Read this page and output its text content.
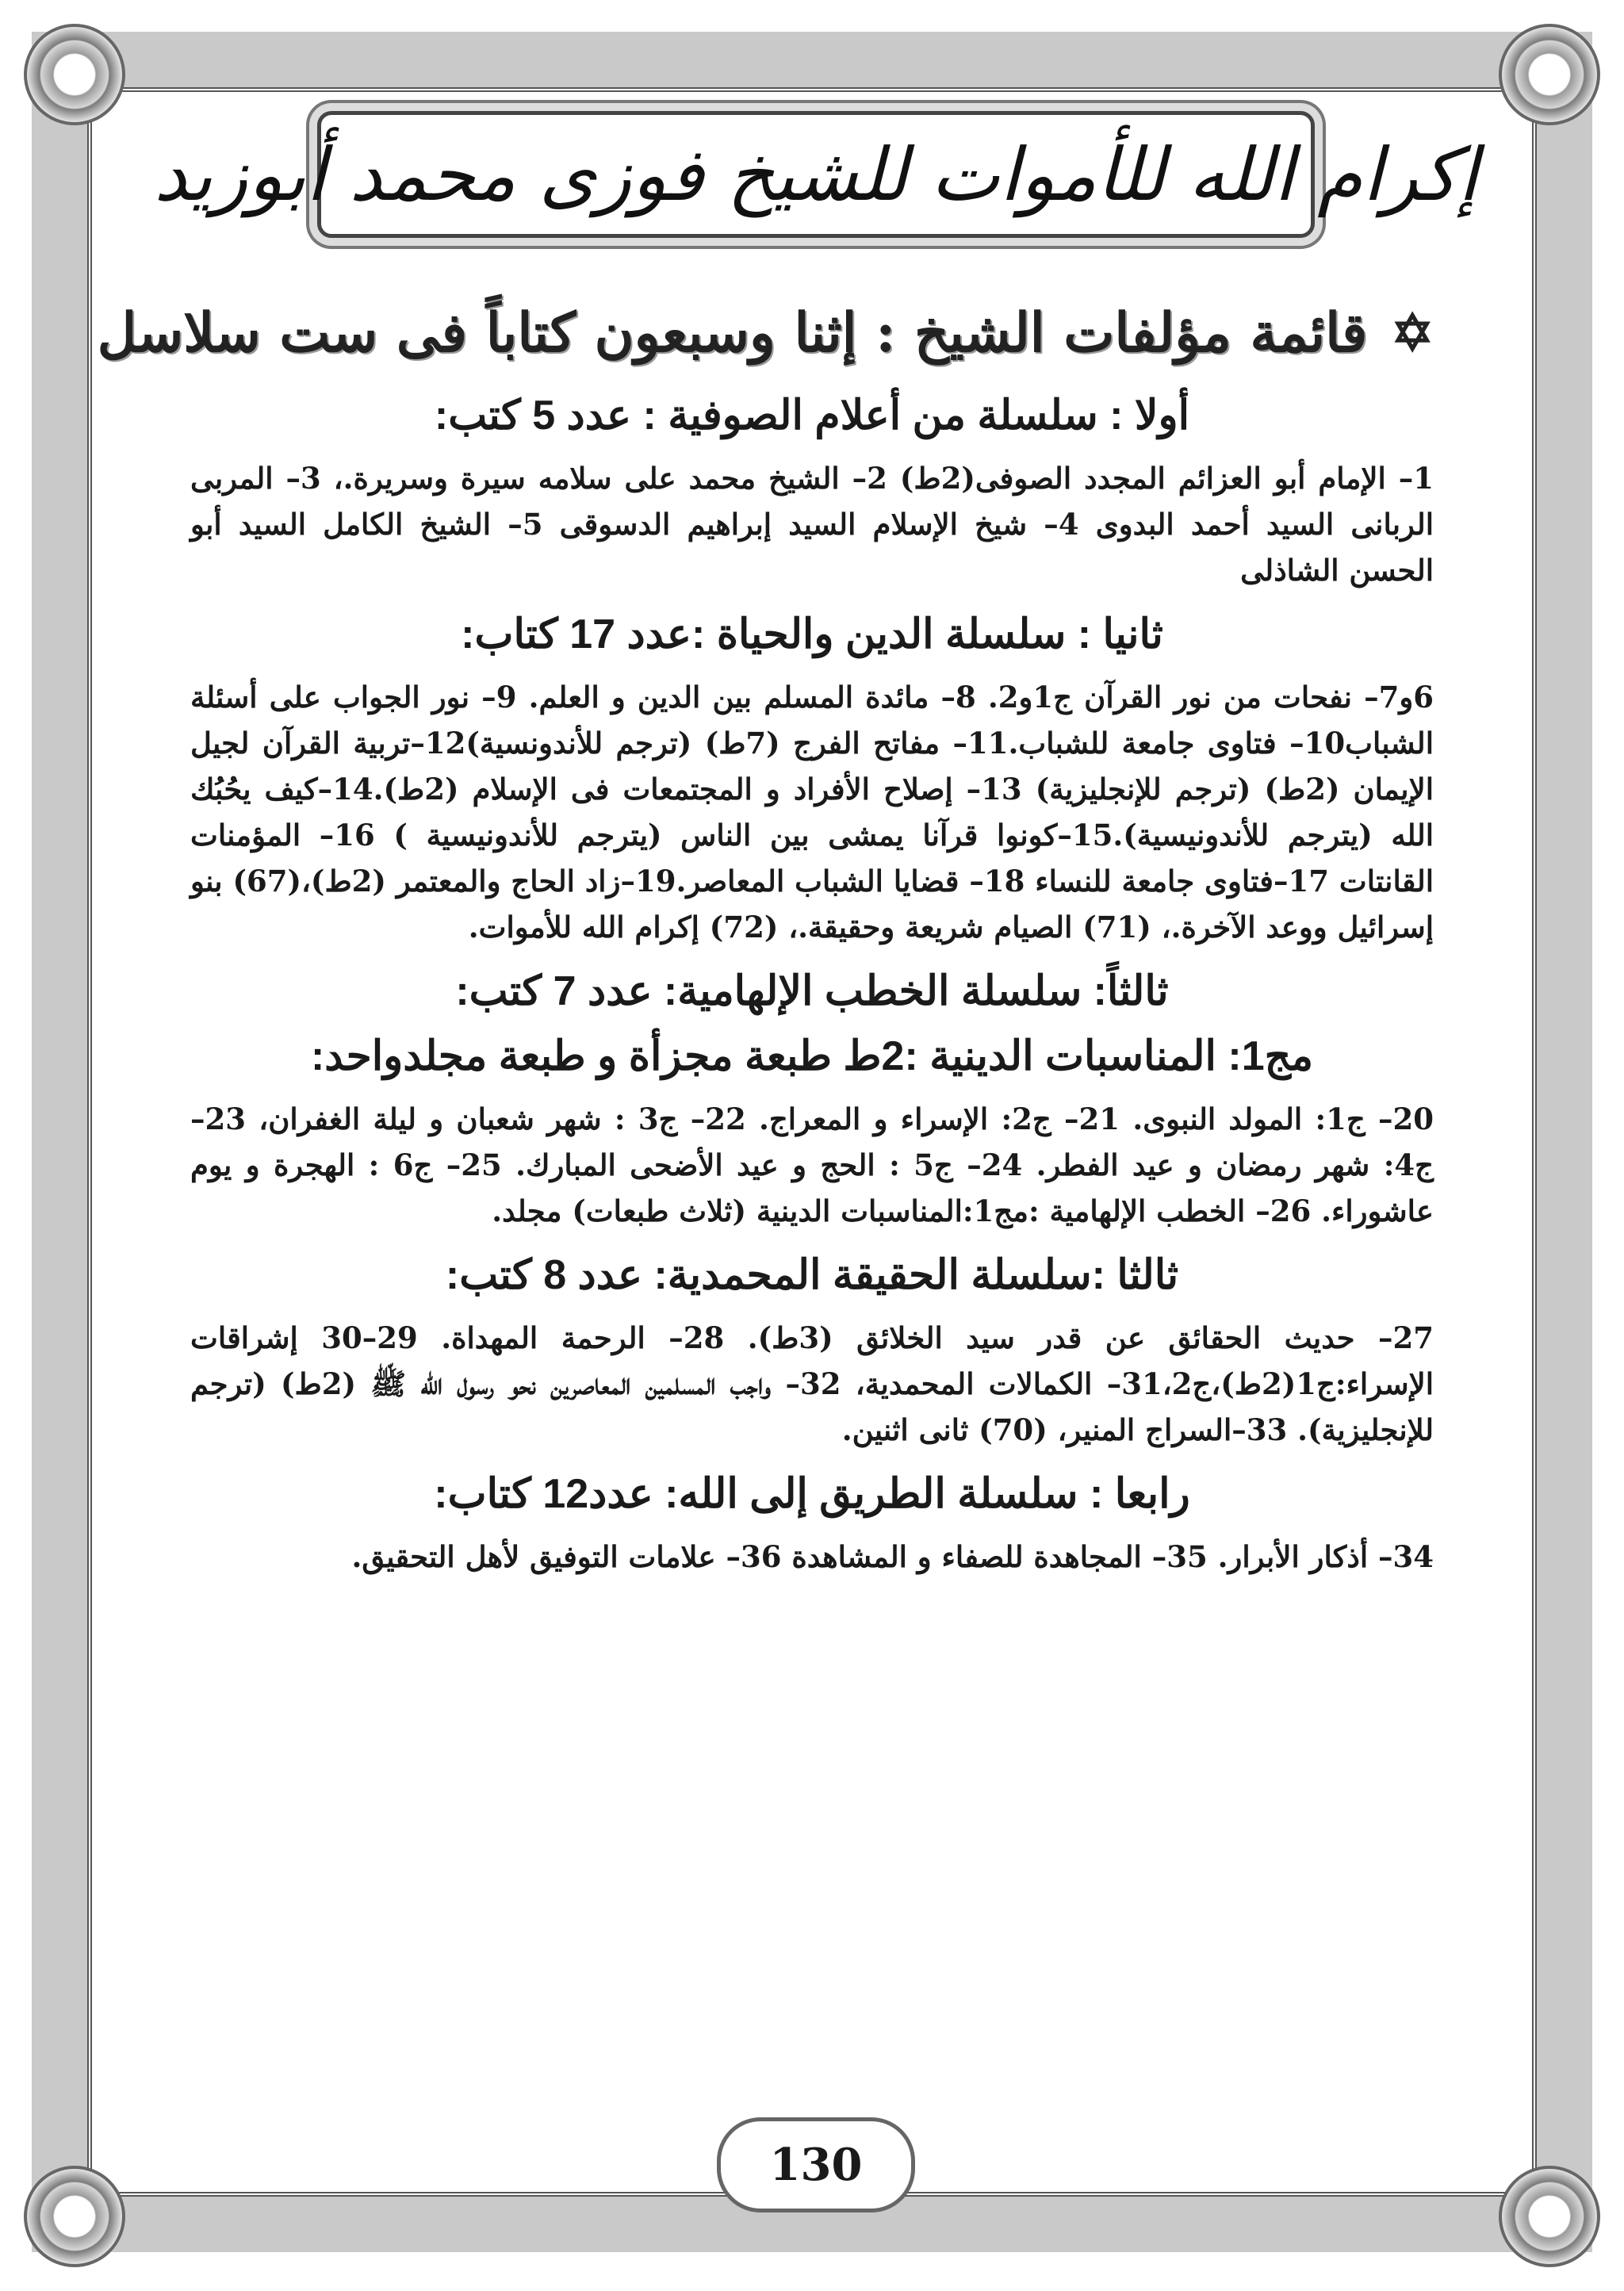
إكرام الله للأموات للشيخ فوزى محمد أبوزيد
✡
قائمة مؤلفات الشيخ : إثنا وسبعون كتاباً فى ست سلاسل
أولا : سلسلة من أعلام الصوفية : عدد 5 كتب:

1– الإمام أبو العزائم المجدد الصوفى(2ط) 2– الشيخ محمد على سلامه سيرة وسريرة.، 3– المربى الربانى السيد أحمد البدوى 4– شيخ الإسلام السيد إبراهيم الدسوقى 5– الشيخ الكامل السيد أبو الحسن الشاذلى

ثانيا : سلسلة الدين والحياة :عدد 17 كتاب:

6و7– نفحات من نور القرآن ج1و2. 8– مائدة المسلم بين الدين و العلم. 9– نور الجواب على أسئلة الشباب10– فتاوى جامعة للشباب.11– مفاتح الفرج (7ط) (ترجم للأندونسية)12–تربية القرآن لجيل الإيمان (2ط) (ترجم للإنجليزية) 13– إصلاح الأفراد و المجتمعات فى الإسلام (2ط).14–كيف يحُبُك الله (يترجم للأندونيسية).15–كونوا قرآنا يمشى بين الناس (يترجم للأندونيسية ) 16– المؤمنات القانتات 17–فتاوى جامعة للنساء 18– قضايا الشباب المعاصر.19–زاد الحاج والمعتمر (2ط)،(67) بنو إسرائيل ووعد الآخرة.، (71) الصيام شريعة وحقيقة.، (72) إكرام الله للأموات.

ثالثاً: سلسلة الخطب الإلهامية: عدد 7 كتب:
مج1: المناسبات الدينية :2ط طبعة مجزأة و طبعة مجلدواحد:

20– ج1: المولد النبوى. 21– ج2: الإسراء و المعراج. 22– ج3 : شهر شعبان و ليلة الغفران، 23–ج4: شهر رمضان و عيد الفطر. 24– ج5 : الحج و عيد الأضحى المبارك. 25– ج6 : الهجرة و يوم عاشوراء. 26– الخطب الإلهامية :مج1:المناسبات الدينية (ثلاث طبعات) مجلد.

ثالثا :سلسلة الحقيقة المحمدية: عدد 8 كتب:

27– حديث الحقائق عن قدر سيد الخلائق (3ط). 28– الرحمة المهداة. 29–30 إشراقات الإسراء:ج1(2ط)،ج31،2– الكمالات المحمدية، 32– واجب المسلمين المعاصرين نحو رسول الله ﷺ (2ط) (ترجم للإنجليزية). 33–السراج المنير، (70) ثانى اثنين.

رابعا : سلسلة الطريق إلى الله: عدد12 كتاب:

34– أذكار الأبرار. 35– المجاهدة للصفاء و المشاهدة 36– علامات التوفيق لأهل التحقيق.

130
